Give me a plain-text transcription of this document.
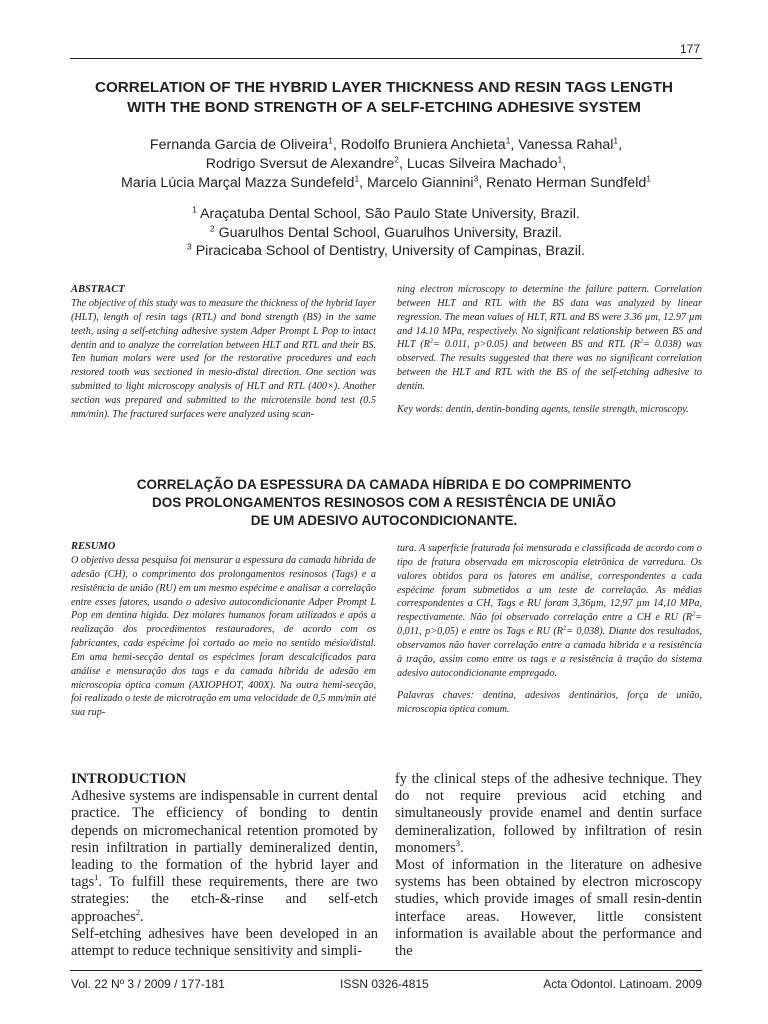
177
CORRELATION OF THE HYBRID LAYER THICKNESS AND RESIN TAGS LENGTH
WITH THE BOND STRENGTH OF A SELF-ETCHING ADHESIVE SYSTEM
Fernanda Garcia de Oliveira$^1$, Rodolfo Bruniera Anchieta$^1$, Vanessa Rahal$^1$,
Rodrigo Sversut de Alexandre$^2$, Lucas Silveira Machado$^1$,
Maria Lúcia Marçal Mazza Sundefeld$^1$, Marcelo Giannini$^3$, Renato Herman Sundfeld$^1$
$^1$ Araçatuba Dental School, São Paulo State University, Brazil.
$^2$ Guarulhos Dental School, Guarulhos University, Brazil.
$^3$ Piracicaba School of Dentistry, University of Campinas, Brazil.

ABSTRACT

The objective of this study was to measure the thickness of the hybrid layer (HLT), length of resin tags (RTL) and bond strength (BS) in the same teeth, using a self-etching adhesive system Adper Prompt L Pop to intact dentin and to analyze the correlation between HLT and RTL and their BS. Ten human molars were used for the restorative procedures and each restored tooth was sectioned in mesio-distal direction. One section was submitted to light microscopy analysis of HLT and RTL (400×). Another section was prepared and submitted to the microtensile bond test (0.5 mm/min). The fractured surfaces were analyzed using scan-

ning electron microscopy to determine the failure pattern. Correlation between HLT and RTL with the BS data was analyzed by linear regression. The mean values of HLT, RTL and BS were 3.36 µm, 12.97 µm and 14.10 MPa, respectively. No significant relationship between BS and HLT ($R^2= 0.011$, p>0.05) and between BS and RTL $(R^2= 0.038)$ was observed. The results suggested that there was no significant correlation between the HLT and RTL with the BS of the self-etching adhesive to dentin.

Key words: dentin, dentin-bonding agents, tensile strength, microscopy.

CORRELAÇÃO DA ESPESSURA DA CAMADA HÍBRIDA E DO COMPRIMENTO
DOS PROLONGAMENTOS RESINOSOS COM A RESISTÊNCIA DE UNIÃO
DE UM ADESIVO AUTOCONDICIONANTE.

RESUMO

O objetivo dessa pesquisa foi mensurar a espessura da camada híbrida de adesão (CH), o comprimento dos prolongamentos resinosos (Tags) e a resistência de união (RU) em um mesmo espécime e analisar a correlação entre esses fatores, usando o adesivo autocondicionante Adper Prompt L Pop em dentina hígida. Dez molares humanos foram utilizados e após a realização dos procedimentos restauradores, de acordo com os fabricantes, cada espécime foi cortado ao meio no sentido mésio/distal. Em uma hemi-secção dental os espécimes foram descalcificados para análise e mensuração dos tags e da camada híbrida de adesão em microscopia óptica comum (AXIOPHOT, 400X). Na outra hemi-secção, foi realizado o teste de microtração em uma velocidade de 0,5 mm/min até sua rup-

tura. A superfície fraturada foi mensurada e classificada de acordo com o tipo de fratura observada em microscopia eletrônica de varredura. Os valores obtidos para os fatores em análise, correspondentes a cada espécime foram submetidos a um teste de correlação. As médias correspondentes a CH, Tags e RU foram 3,36µm, 12,97 µm 14,10 MPa, respectivamente. Não foi observado correlação entre a CH e RU ($R^2= 0,011$, p>0,05) e entre os Tags e RU $(R^2= 0,038)$. Diante dos resultados, observamos não haver correlação entre a camada híbrida e a resistência à tração, assim como entre os tags e a resistência à tração do sistema adesivo autocondicionante empregado.

Palavras chaves: dentina, adesivos dentinários, força de união, microscopia óptica comum.

INTRODUCTION

Adhesive systems are indispensable in current dental practice. The efficiency of bonding to dentin depends on micromechanical retention promoted by resin infiltration in partially demineralized dentin, leading to the formation of the hybrid layer and tags$^1$. To fulfill these requirements, there are two strategies: the etch-&-rinse and self-etch approaches$^2$.

Self-etching adhesives have been developed in an attempt to reduce technique sensitivity and simpli-

fy the clinical steps of the adhesive technique. They do not require previous acid etching and simultaneously provide enamel and dentin surface demineralization, followed by infiltration of resin monomers$^3$.

Most of information in the literature on adhesive systems has been obtained by electron microscopy studies, which provide images of small resin-dentin interface areas. However, little consistent information is available about the performance and the

Vol. 22 Nº 3 / 2009 / 177-181	ISSN 0326-4815	Acta Odontol. Latinoam. 2009
